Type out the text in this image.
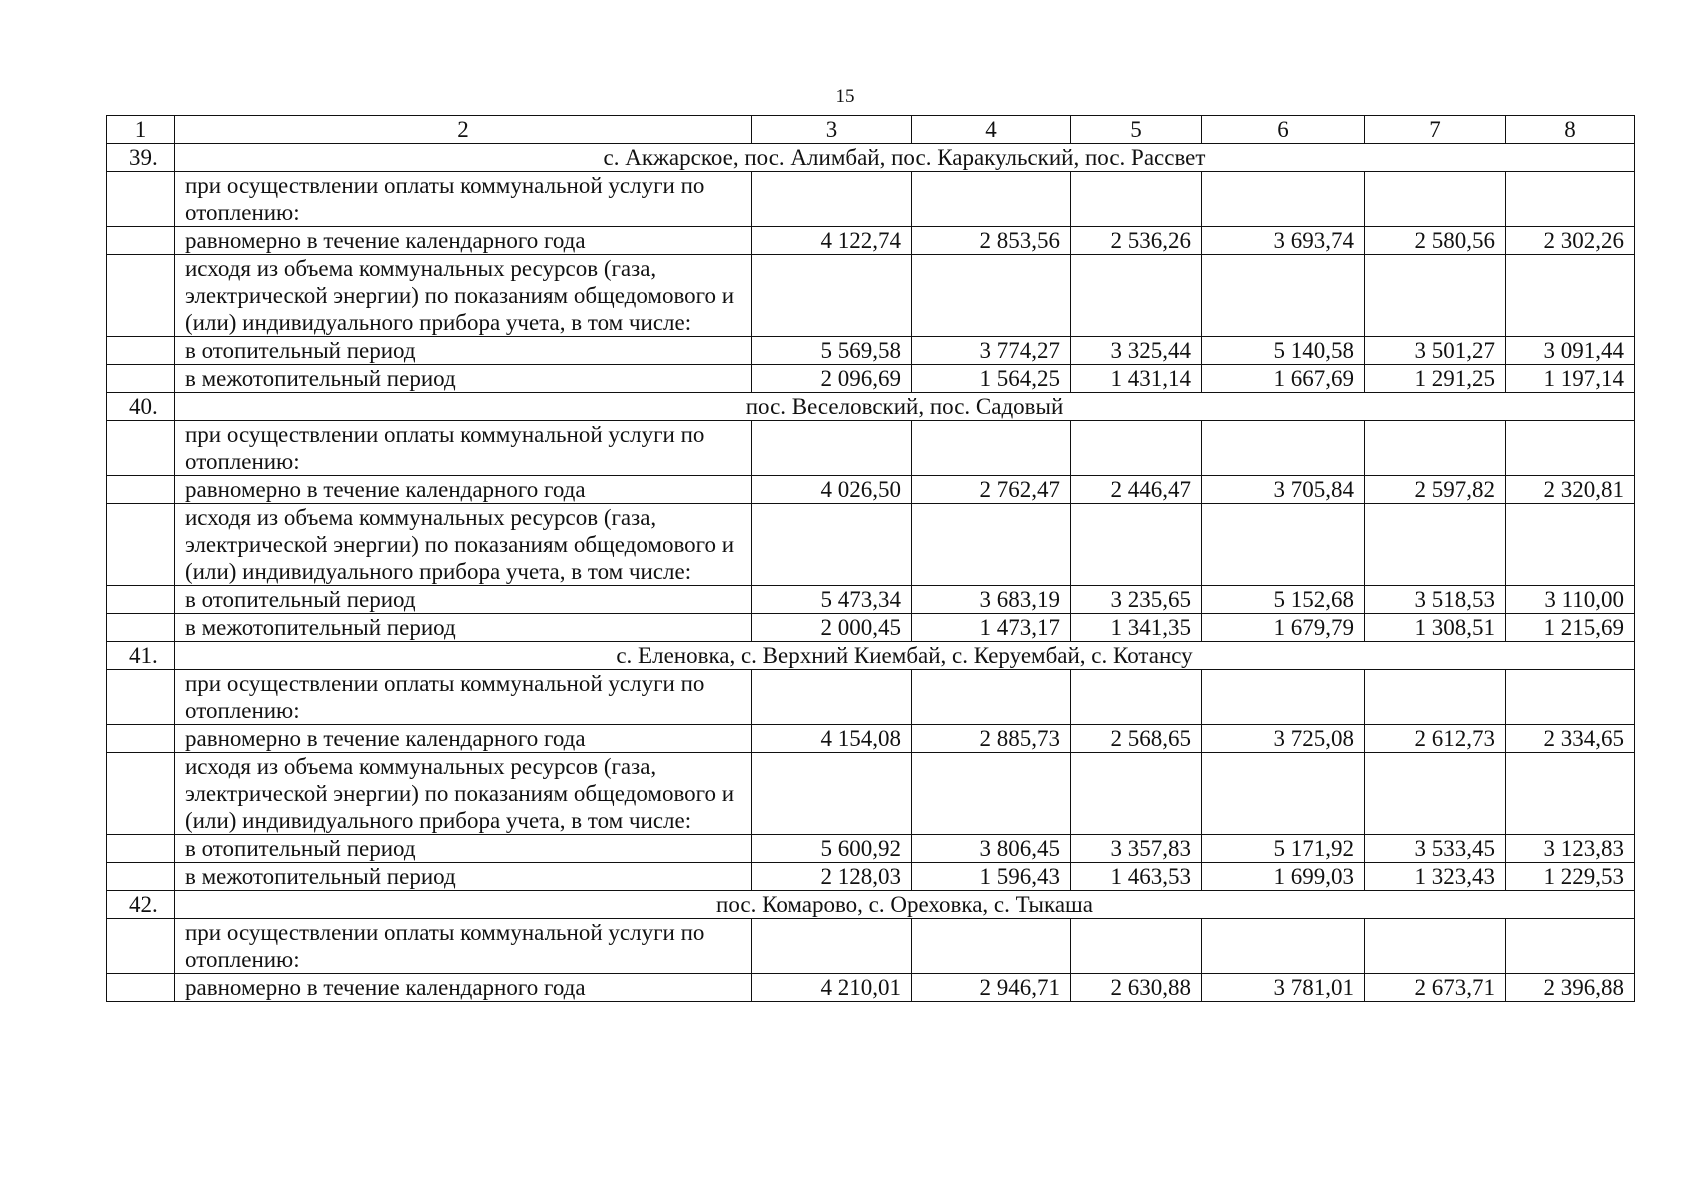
15
1	2	3	4	5	6	7	8
39.	с. Акжарское, пос. Алимбай, пос. Каракульский, пос. Рассвет						
	при осуществлении оплаты коммунальной услуги по отоплению:						
	равномерно в течение календарного года	4 122,74	2 853,56	2 536,26	3 693,74	2 580,56	2 302,26
	исходя из объема коммунальных ресурсов (газа, электрической энергии) по показаниям общедомового и (или) индивидуального прибора учета, в том числе:						
	в отопительный период	5 569,58	3 774,27	3 325,44	5 140,58	3 501,27	3 091,44
	в межотопительный период	2 096,69	1 564,25	1 431,14	1 667,69	1 291,25	1 197,14
40.	пос. Веселовский, пос. Садовый						
	при осуществлении оплаты коммунальной услуги по отоплению:						
	равномерно в течение календарного года	4 026,50	2 762,47	2 446,47	3 705,84	2 597,82	2 320,81
	исходя из объема коммунальных ресурсов (газа, электрической энергии) по показаниям общедомового и (или) индивидуального прибора учета, в том числе:						
	в отопительный период	5 473,34	3 683,19	3 235,65	5 152,68	3 518,53	3 110,00
	в межотопительный период	2 000,45	1 473,17	1 341,35	1 679,79	1 308,51	1 215,69
41.	с. Еленовка, с. Верхний Киембай, с. Керуембай, с. Котансу						
	при осуществлении оплаты коммунальной услуги по отоплению:						
	равномерно в течение календарного года	4 154,08	2 885,73	2 568,65	3 725,08	2 612,73	2 334,65
	исходя из объема коммунальных ресурсов (газа, электрической энергии) по показаниям общедомового и (или) индивидуального прибора учета, в том числе:						
	в отопительный период	5 600,92	3 806,45	3 357,83	5 171,92	3 533,45	3 123,83
	в межотопительный период	2 128,03	1 596,43	1 463,53	1 699,03	1 323,43	1 229,53
42.	пос. Комарово, с. Ореховка, с. Тыкаша						
	при осуществлении оплаты коммунальной услуги по отоплению:						
	равномерно в течение календарного года	4 210,01	2 946,71	2 630,88	3 781,01	2 673,71	2 396,88
